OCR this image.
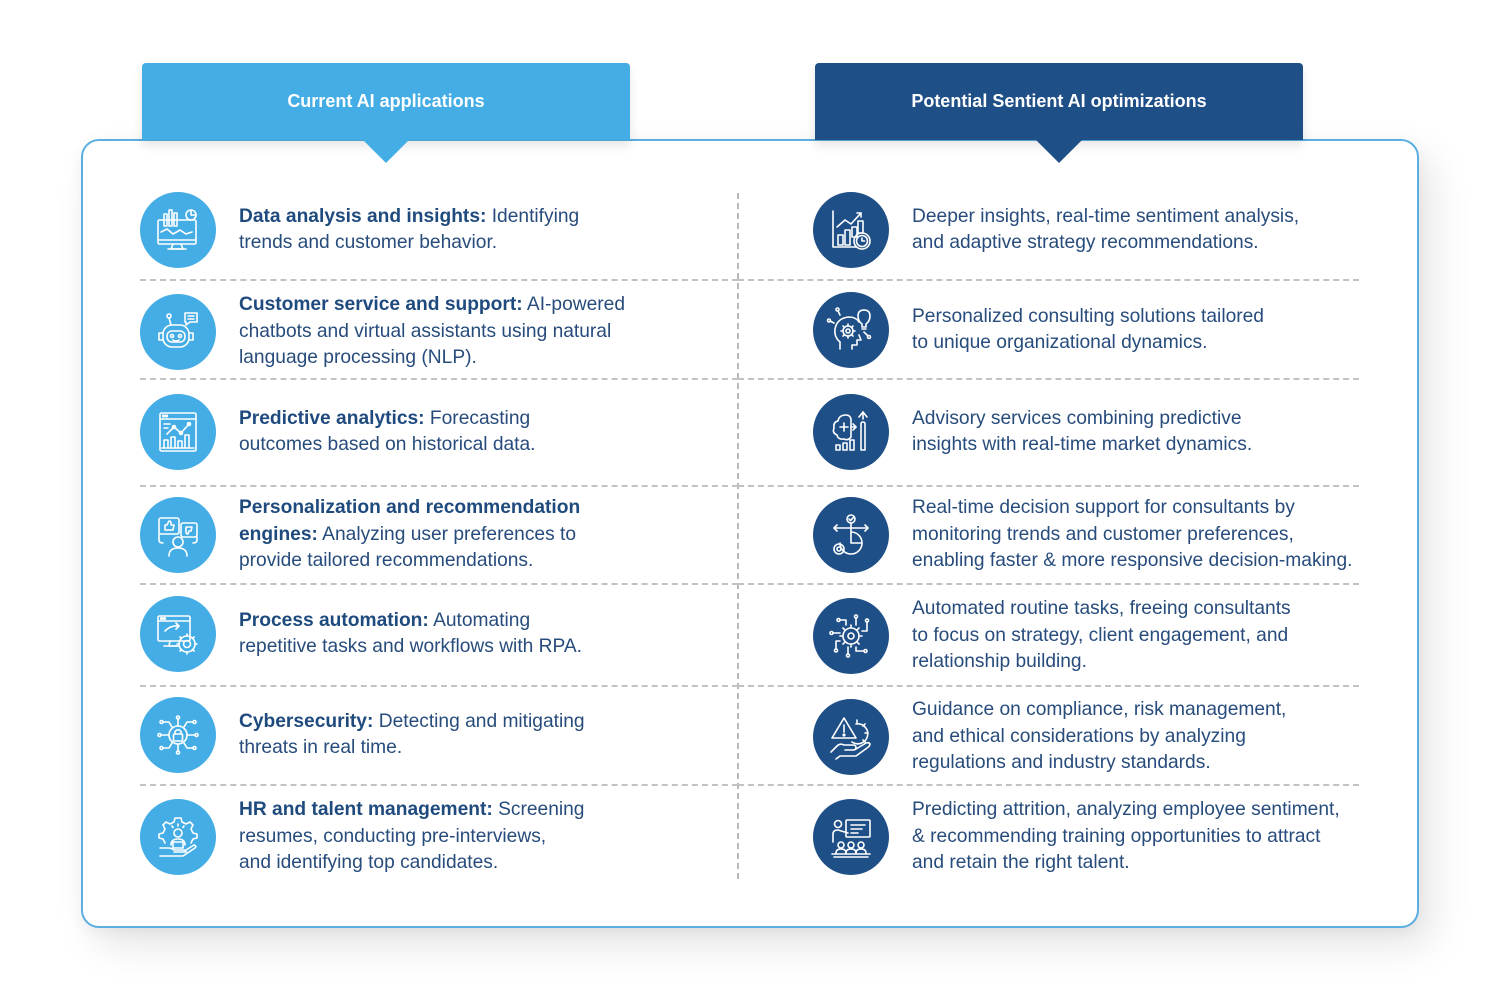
Current AI applications	Potential Sentient AI optimizations
Data analysis and insights: Identifying
trends and customer behavior.
Customer service and support: AI-powered
chatbots and virtual assistants using natural
language processing (NLP).
Predictive analytics: Forecasting
outcomes based on historical data.
Personalization and recommendation
engines: Analyzing user preferences to
provide tailored recommendations.
Process automation: Automating
repetitive tasks and workflows with RPA.
Cybersecurity: Detecting and mitigating
threats in real time.
HR and talent management: Screening
resumes, conducting pre-interviews,
and identifying top candidates.
Deeper insights, real-time sentiment analysis,
and adaptive strategy recommendations.
Personalized consulting solutions tailored
to unique organizational dynamics.
Advisory services combining predictive
insights with real-time market dynamics.
Real-time decision support for consultants by
monitoring trends and customer preferences,
enabling faster & more responsive decision-making.
Automated routine tasks, freeing consultants
to focus on strategy, client engagement, and
relationship building.
Guidance on compliance, risk management,
and ethical considerations by analyzing
regulations and industry standards.
Predicting attrition, analyzing employee sentiment,
& recommending training opportunities to attract
and retain the right talent.
